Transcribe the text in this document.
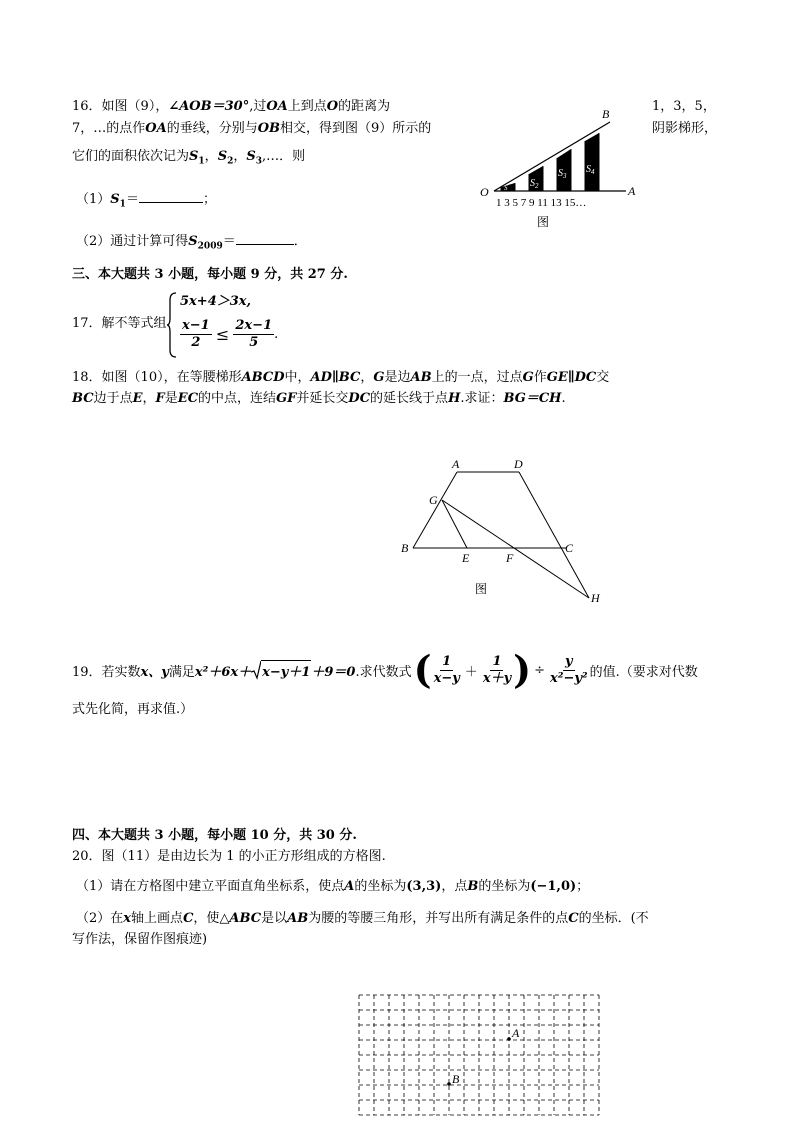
16．如图（9），∠AOB＝30°,过OA上到点O的距离为	1，3，5，
7，…的点作OA的垂线，分别与OB相交，得到图（9）所示的	阴影梯形，
它们的面积依次记为$S_1$，$S_2$，$S_3,\dots$．则
$(1)S_1=$	；
（2）通过计算可得$S_{2009}=$	．
O	A
B
S $S_2$
$S_3$
$S_4$
1 3 5 7 9 11 13 15…
图
三、本大题共 3 小题，每小题 9 分，共 27 分.
17．解不等式组
5x+4＞3x,
$\frac{x-1}{2} \le \frac{2x-1}{5}$ .
18．如图（10），在等腰梯形ABCD中，AD∥BC，G是边AB上的一点，过点G作GE∥DC交
BC边于点E，F是EC的中点，连结GF并延长交DC的延长线于点H.求证：BG＝CH.
A	D
G
B
E	F
C
H
图
19．若实数 x、y 满足 x²＋6x＋ x−y＋1 ＋9＝0 .求代数式 ( $\frac{1}{x-y} + \frac{1}{x+y}$ ) ÷ $\frac{y}{\text{x²−y²}}$ 的值.（要求对代数
式先化简，再求值.）
四、本大题共 3 小题，每小题 10 分，共 30 分.
20．图（11）是由边长为 1 的小正方形组成的方格图.
（1）请在方格图中建立平面直角坐标系，使点A的坐标为(3,3)，点B的坐标为(−1,0)；
（2）在x轴上画点C，使△ABC是以AB为腰的等腰三角形，并写出所有满足条件的点C的坐标．(不
写作法，保留作图痕迹)
A
B
